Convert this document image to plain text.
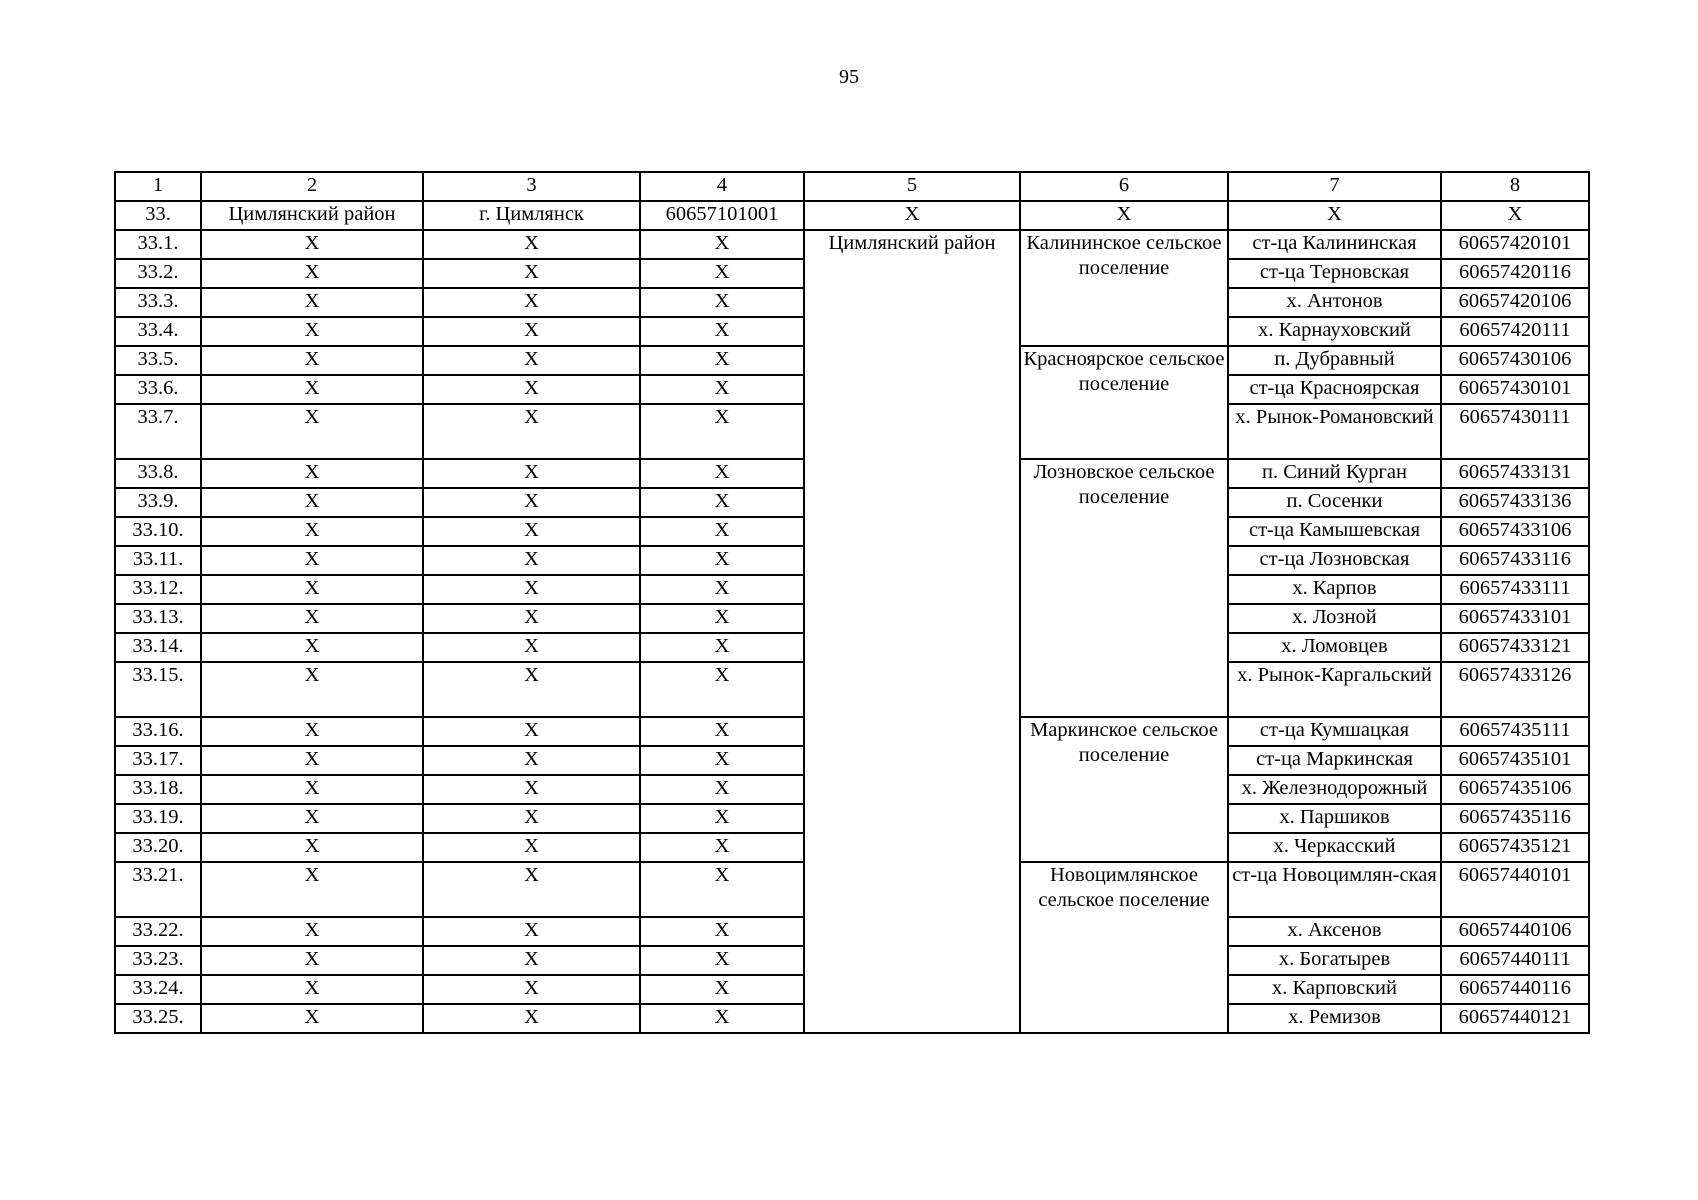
95
1	2	3	4	5	6	7	8
33.	Цимлянский район	г. Цимлянск	60657101001	X	X	X	X
33.1.	X	X	X	Цимлянский район	Калининское сельское поселение	ст-ца Калининская	60657420101
33.2.	X	X	X			ст-ца Терновская	60657420116
33.3.	X	X	X			х. Антонов	60657420106
33.4.	X	X	X			х. Карнауховский	60657420111
33.5.	X	X	X		Красноярское сельское поселение	п. Дубравный	60657430106
33.6.	X	X	X			ст-ца Красноярская	60657430101
33.7.	X	X	X			х. Рынок-Романовский	60657430111
33.8.	X	X	X		Лозновское сельское поселение	п. Синий Курган	60657433131
33.9.	X	X	X			п. Сосенки	60657433136
33.10.	X	X	X			ст-ца Камышевская	60657433106
33.11.	X	X	X			ст-ца Лозновская	60657433116
33.12.	X	X	X			х. Карпов	60657433111
33.13.	X	X	X			х. Лозной	60657433101
33.14.	X	X	X			х. Ломовцев	60657433121
33.15.	X	X	X			х. Рынок-Каргальский	60657433126
33.16.	X	X	X		Маркинское сельское поселение	ст-ца Кумшацкая	60657435111
33.17.	X	X	X			ст-ца Маркинская	60657435101
33.18.	X	X	X			х. Железнодорожный	60657435106
33.19.	X	X	X			х. Паршиков	60657435116
33.20.	X	X	X			х. Черкасский	60657435121
33.21.	X	X	X		Новоцимлянское сельское поселение	ст-ца Новоцимлян-ская	60657440101
33.22.	X	X	X			х. Аксенов	60657440106
33.23.	X	X	X			х. Богатырев	60657440111
33.24.	X	X	X			х. Карповский	60657440116
33.25.	X	X	X			х. Ремизов	60657440121
